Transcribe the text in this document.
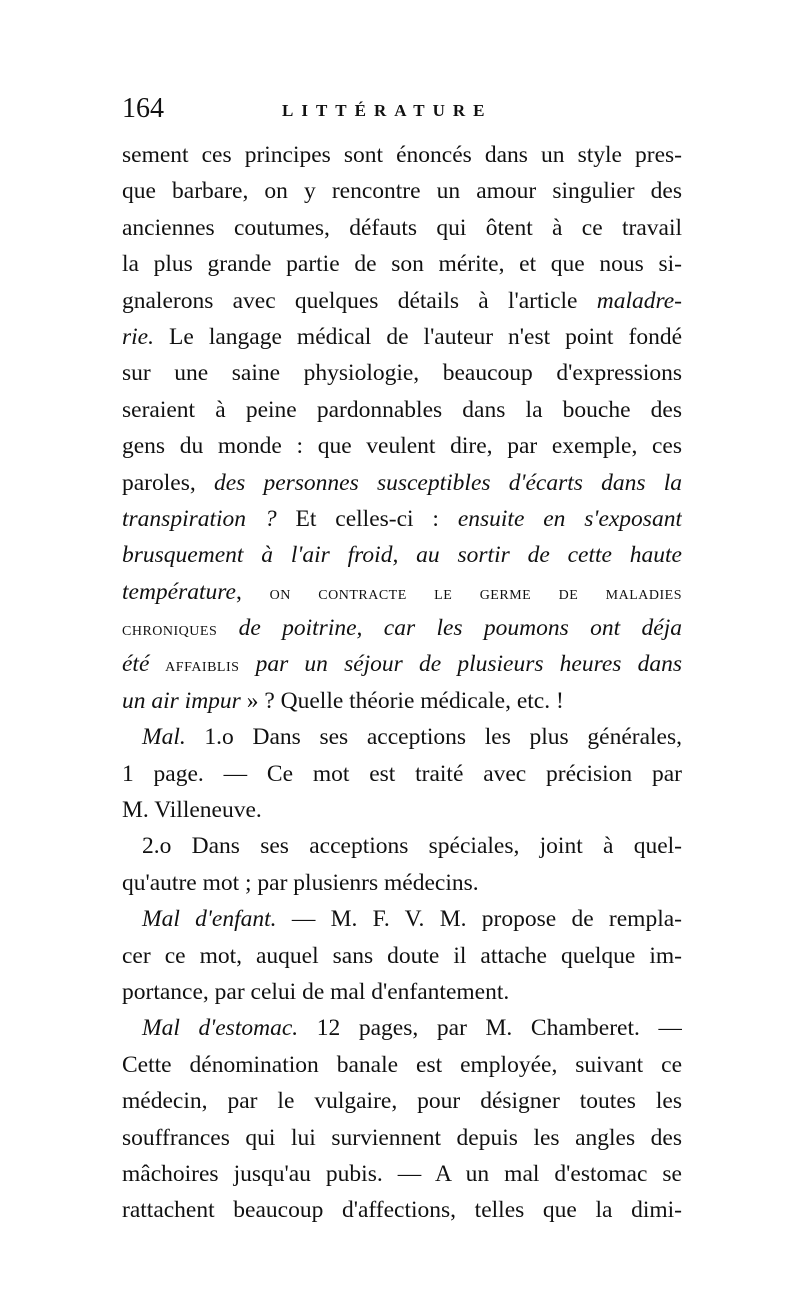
164	LITTÉRATURE
sement ces principes sont énoncés dans un style pres-
que barbare, on y rencontre un amour singulier des
anciennes coutumes, défauts qui ôtent à ce travail
la plus grande partie de son mérite, et que nous si-
gnalerons avec quelques détails à l'article maladre-
rie. Le langage médical de l'auteur n'est point fondé
sur une saine physiologie, beaucoup d'expressions
seraient à peine pardonnables dans la bouche des
gens du monde : que veulent dire, par exemple, ces
paroles, des personnes susceptibles d'écarts dans la
transpiration ? Et celles-ci : ensuite en s'exposant
brusquement à l'air froid, au sortir de cette haute
température, on contracte le germe de maladies
chroniques de poitrine, car les poumons ont déja
été affaiblis par un séjour de plusieurs heures dans
un air impur » ? Quelle théorie médicale, etc. !
Mal. 1.o Dans ses acceptions les plus générales,
1 page. — Ce mot est traité avec précision par
M. Villeneuve.
2.o Dans ses acceptions spéciales, joint à quel-
qu'autre mot ; par plusienrs médecins.
Mal d'enfant. — M. F. V. M. propose de rempla-
cer ce mot, auquel sans doute il attache quelque im-
portance, par celui de mal d'enfantement.
Mal d'estomac. 12 pages, par M. Chamberet. —
Cette dénomination banale est employée, suivant ce
médecin, par le vulgaire, pour désigner toutes les
souffrances qui lui surviennent depuis les angles des
mâchoires jusqu'au pubis. — A un mal d'estomac se
rattachent beaucoup d'affections, telles que la dimi-
